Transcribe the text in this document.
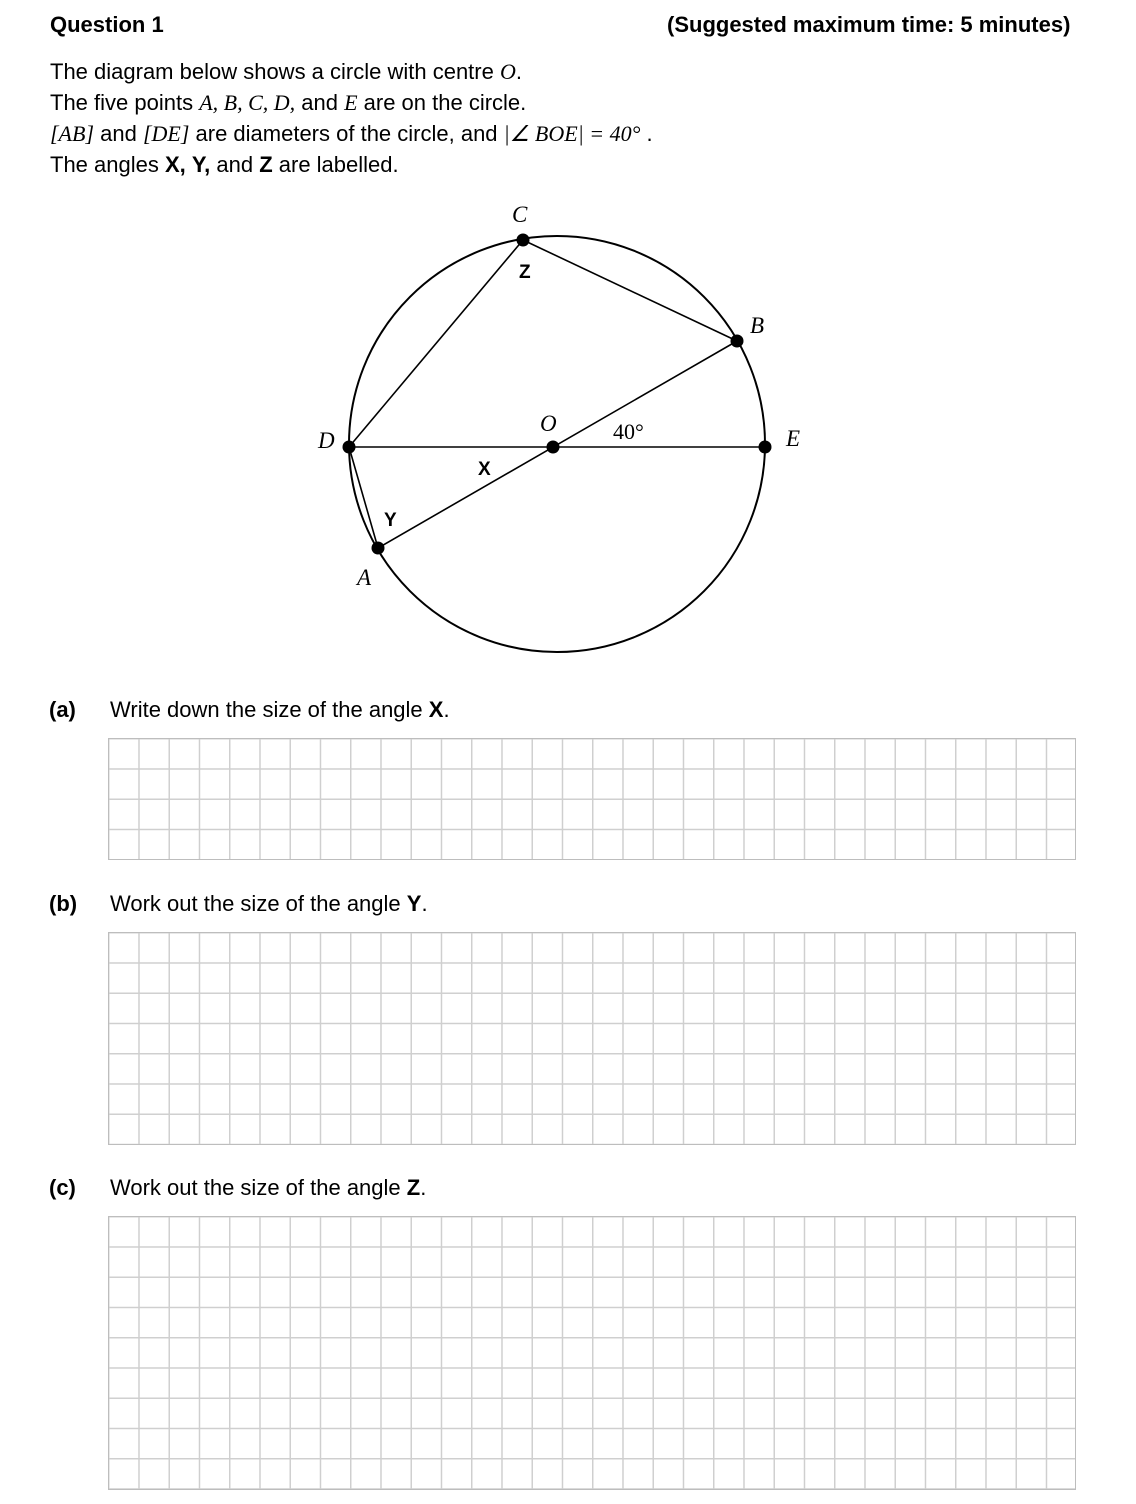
Question 1	(Suggested maximum time: 5 minutes)
The diagram below shows a circle with centre O.
The five points A, B, C, D, and E are on the circle.
[AB] and [DE] are diameters of the circle, and |∠ BOE| = 40° .
The angles X, Y, and Z are labelled.
C
B
D
O
E
A
40°
Z
X
Y
(a) Write down the size of the angle X.
(b) Work out the size of the angle Y.
(c) Work out the size of the angle Z.
